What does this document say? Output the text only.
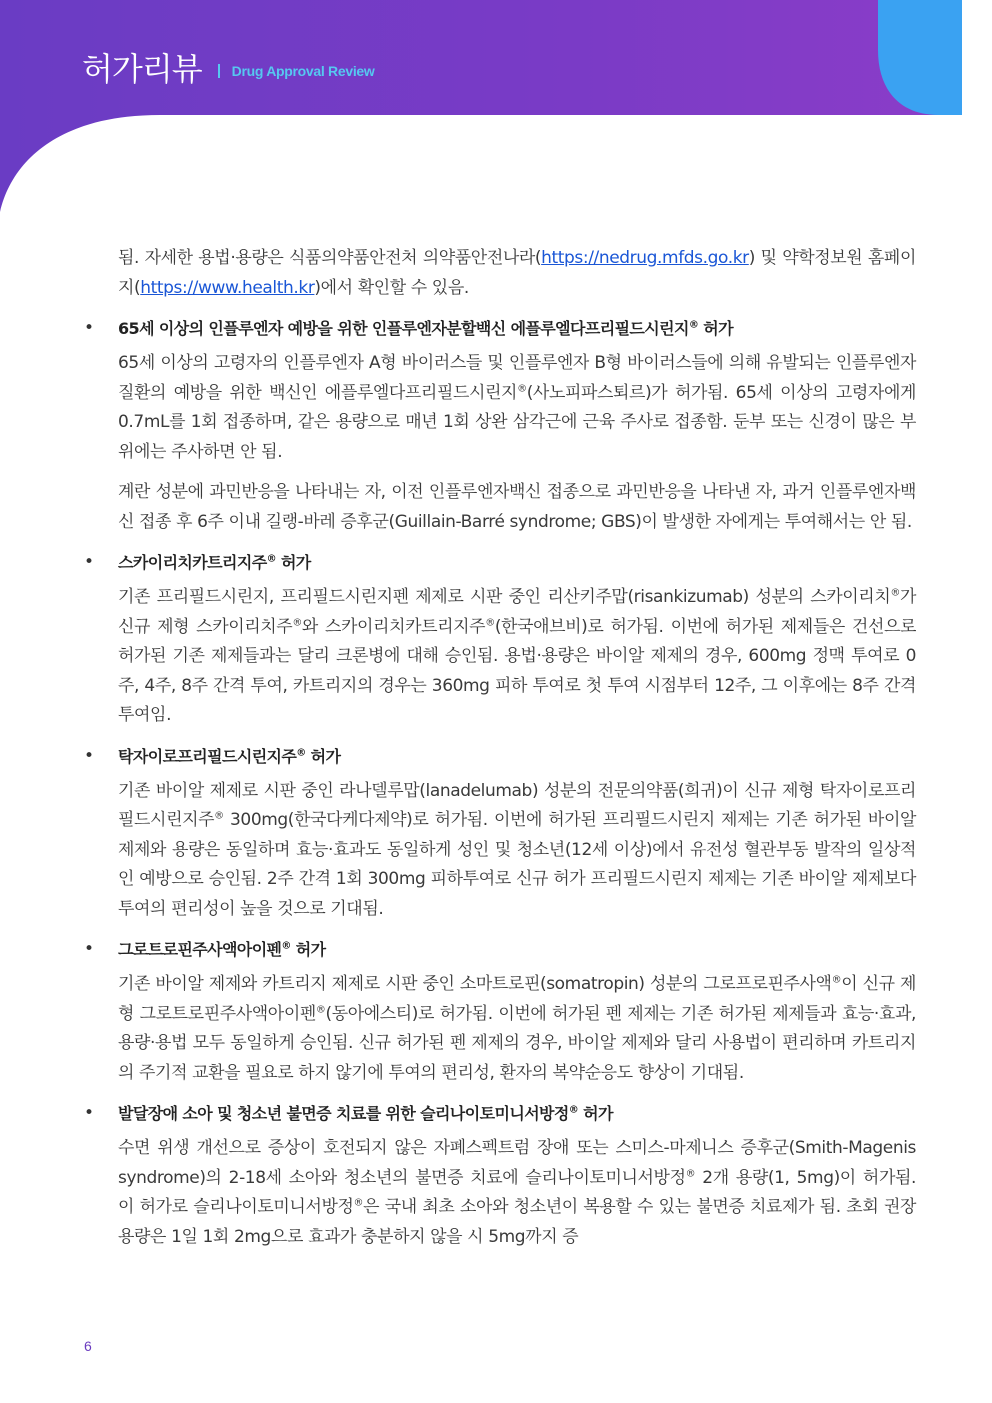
허가리뷰 Drug Approval Review

됨. 자세한 용법·용량은 식품의약품안전처 의약품안전나라(https://nedrug.mfds.go.kr) 및 약학정보원 홈페이지(https://www.health.kr)에서 확인할 수 있음.

•	65세 이상의 인플루엔자 예방을 위한 인플루엔자분할백신 에플루엘다프리필드시린지® 허가

65세 이상의 고령자의 인플루엔자 A형 바이러스들 및 인플루엔자 B형 바이러스들에 의해 유발되는 인플루엔자 질환의 예방을 위한 백신인 에플루엘다프리필드시린지®(사노피파스퇴르)가 허가됨. 65세 이상의 고령자에게 0.7mL를 1회 접종하며, 같은 용량으로 매년 1회 상완 삼각근에 근육 주사로 접종함. 둔부 또는 신경이 많은 부위에는 주사하면 안 됨.

계란 성분에 과민반응을 나타내는 자, 이전 인플루엔자백신 접종으로 과민반응을 나타낸 자, 과거 인플루엔자백신 접종 후 6주 이내 길랭-바레 증후군(Guillain-Barré syndrome; GBS)이 발생한 자에게는 투여해서는 안 됨.

•	스카이리치카트리지주® 허가

기존 프리필드시린지, 프리필드시린지펜 제제로 시판 중인 리산키주맙(risankizumab) 성분의 스카이리치®가 신규 제형 스카이리치주®와 스카이리치카트리지주®(한국애브비)로 허가됨. 이번에 허가된 제제들은 건선으로 허가된 기존 제제들과는 달리 크론병에 대해 승인됨. 용법·용량은 바이알 제제의 경우, 600mg 정맥 투여로 0주, 4주, 8주 간격 투여, 카트리지의 경우는 360mg 피하 투여로 첫 투여 시점부터 12주, 그 이후에는 8주 간격 투여임.

•	탁자이로프리필드시린지주® 허가

기존 바이알 제제로 시판 중인 라나델루맙(lanadelumab) 성분의 전문의약품(희귀)이 신규 제형 탁자이로프리필드시린지주® 300mg(한국다케다제약)로 허가됨. 이번에 허가된 프리필드시린지 제제는 기존 허가된 바이알 제제와 용량은 동일하며 효능·효과도 동일하게 성인 및 청소년(12세 이상)에서 유전성 혈관부동 발작의 일상적인 예방으로 승인됨. 2주 간격 1회 300mg 피하투여로 신규 허가 프리필드시린지 제제는 기존 바이알 제제보다 투여의 편리성이 높을 것으로 기대됨.

•	그로트로핀주사액아이펜® 허가

기존 바이알 제제와 카트리지 제제로 시판 중인 소마트로핀(somatropin) 성분의 그로프로핀주사액®이 신규 제형 그로트로핀주사액아이펜®(동아에스티)로 허가됨. 이번에 허가된 펜 제제는 기존 허가된 제제들과 효능·효과, 용량·용법 모두 동일하게 승인됨. 신규 허가된 펜 제제의 경우, 바이알 제제와 달리 사용법이 편리하며 카트리지의 주기적 교환을 필요로 하지 않기에 투여의 편리성, 환자의 복약순응도 향상이 기대됨.

•	발달장애 소아 및 청소년 불면증 치료를 위한 슬리나이토미니서방정® 허가

수면 위생 개선으로 증상이 호전되지 않은 자폐스펙트럼 장애 또는 스미스-마제니스 증후군(Smith-Magenis syndrome)의 2-18세 소아와 청소년의 불면증 치료에 슬리나이토미니서방정® 2개 용량(1, 5mg)이 허가됨. 이 허가로 슬리나이토미니서방정®은 국내 최초 소아와 청소년이 복용할 수 있는 불면증 치료제가 됨. 초회 권장용량은 1일 1회 2mg으로 효과가 충분하지 않을 시 5mg까지 증

6
